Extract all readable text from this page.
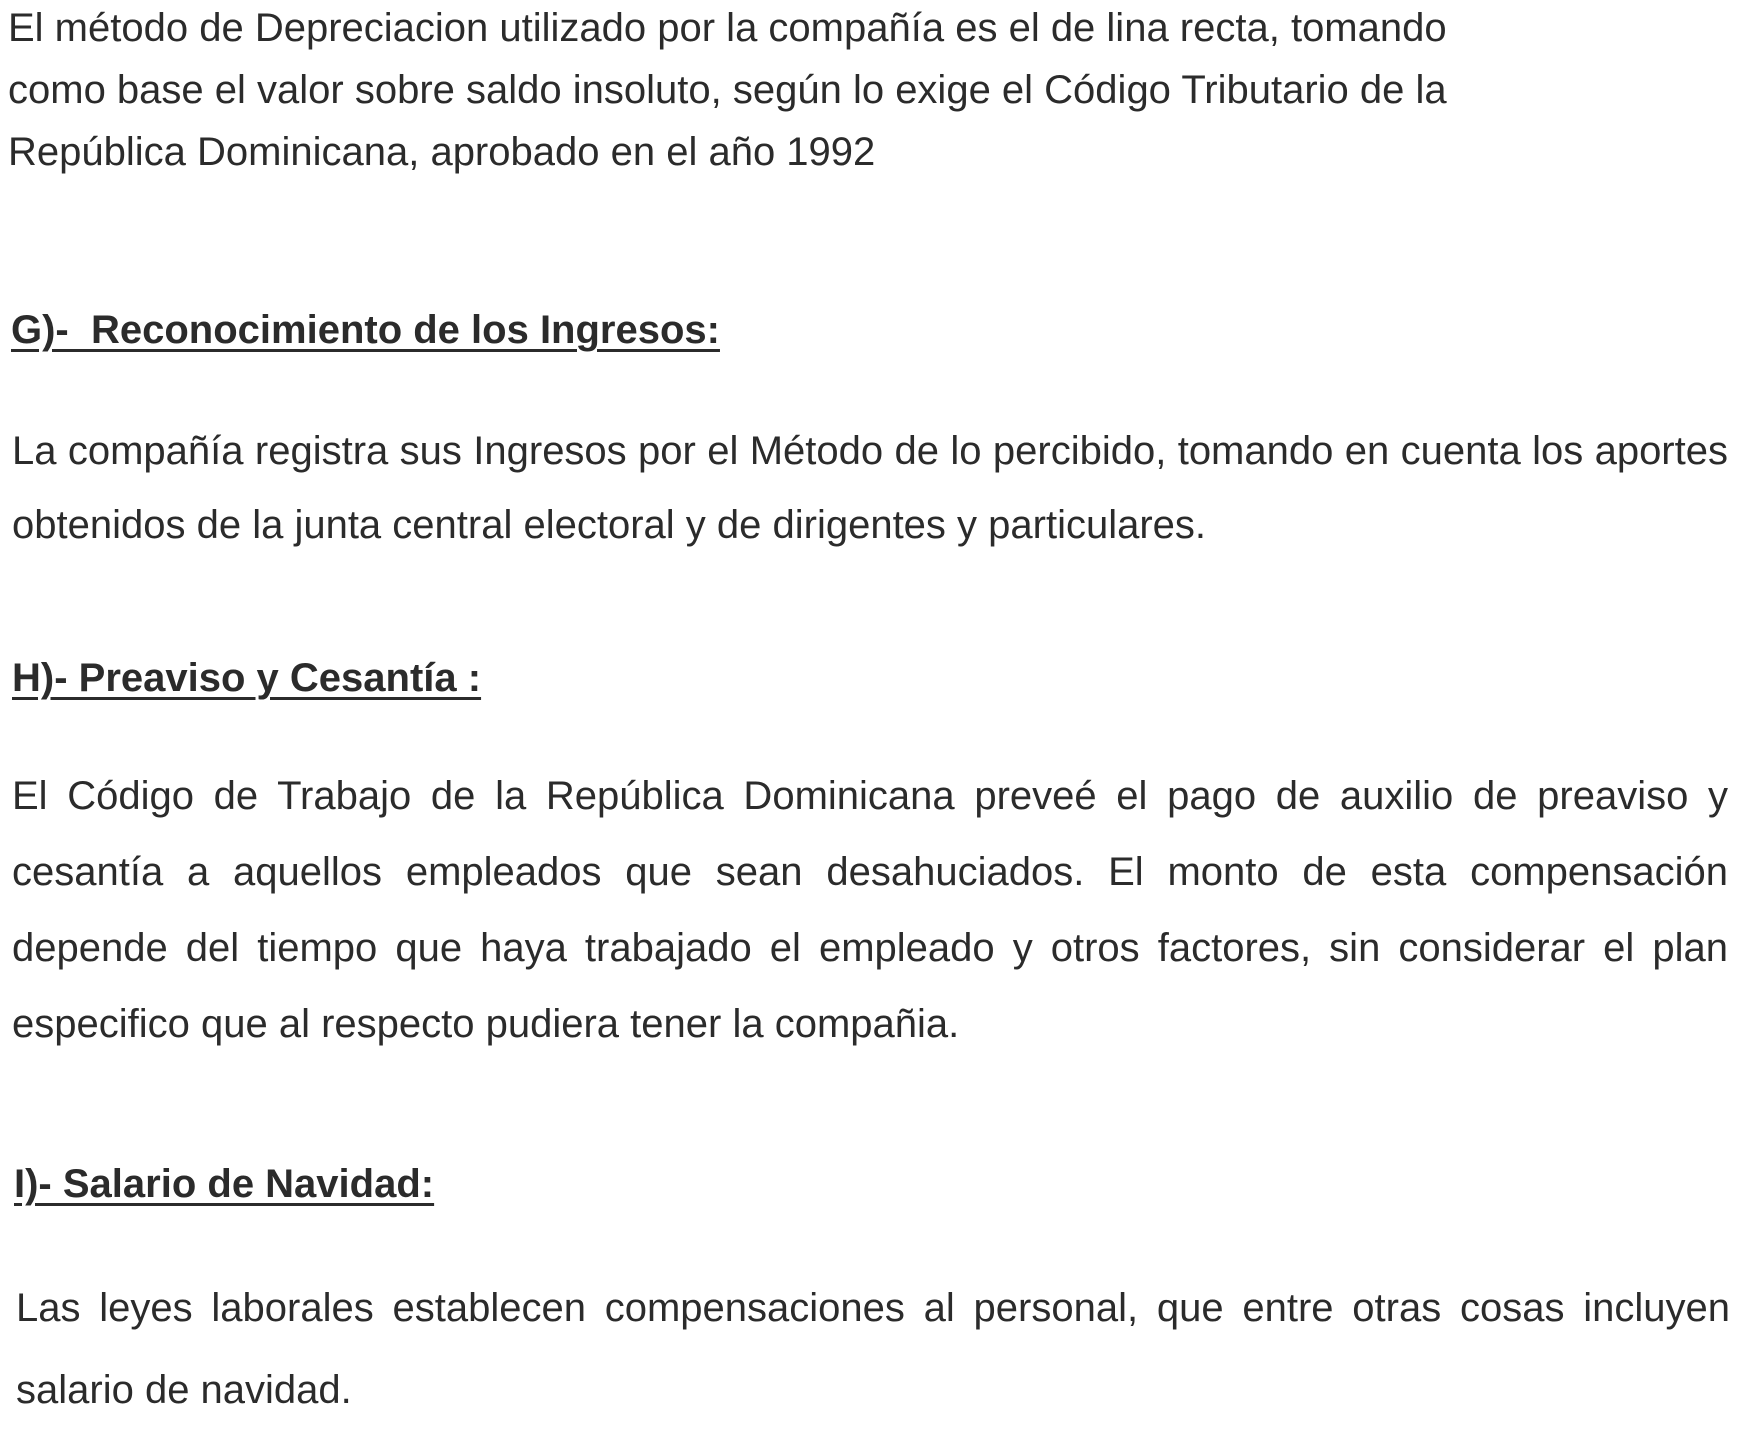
El método de Depreciacion utilizado por la compañía es el de lina recta, tomando
como base el valor sobre saldo insoluto, según lo exige el Código Tributario de la
República Dominicana, aprobado en el año 1992

G)-  Reconocimiento de los Ingresos:

La compañía registra sus Ingresos por el Método de lo percibido, tomando en cuenta los aportes obtenidos de la junta central electoral y de dirigentes y particulares.

H)- Preaviso y Cesantía :

El Código de Trabajo de la República Dominicana preveé el pago de auxilio de preaviso y cesantía a aquellos empleados que sean desahuciados. El monto de esta compensación depende del tiempo que haya trabajado el empleado y otros factores, sin considerar el plan especifico que al respecto pudiera tener la compañia.

I)- Salario de Navidad:

Las leyes laborales establecen compensaciones al personal, que entre otras cosas incluyen salario de navidad.
